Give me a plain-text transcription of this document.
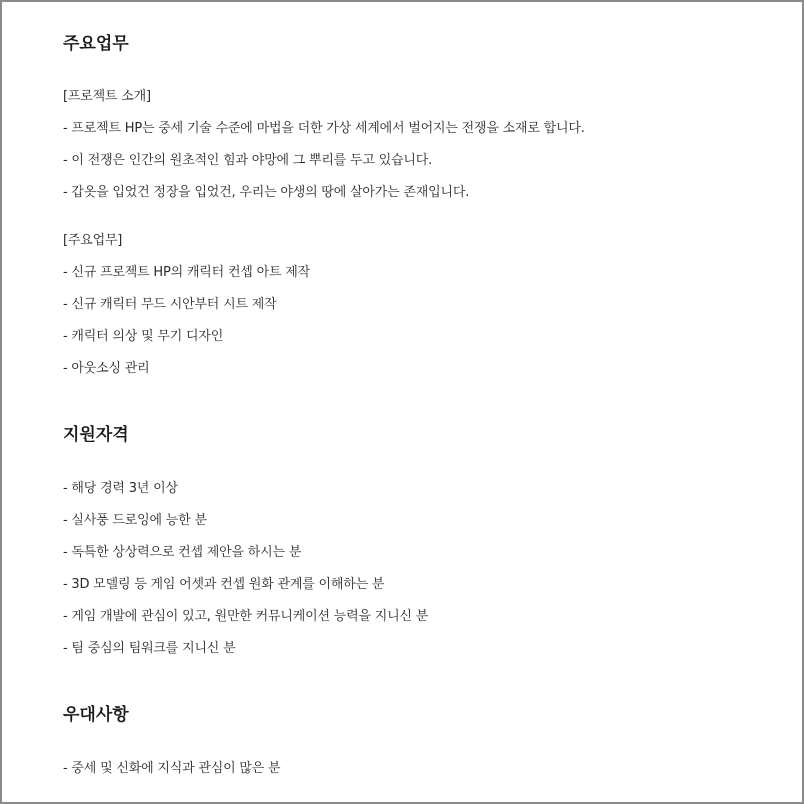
주요업무

[프로젝트 소개]

- 프로젝트 HP는 중세 기술 수준에 마법을 더한 가상 세계에서 벌어지는 전쟁을 소재로 합니다.

- 이 전쟁은 인간의 원초적인 힘과 야망에 그 뿌리를 두고 있습니다.

- 갑옷을 입었건 정장을 입었건, 우리는 야생의 땅에 살아가는 존재입니다.

[주요업무]

- 신규 프로젝트 HP의 캐릭터 컨셉 아트 제작

- 신규 캐릭터 무드 시안부터 시트 제작

- 캐릭터 의상 및 무기 디자인

- 아웃소싱 관리

지원자격

- 해당 경력 3년 이상

- 실사풍 드로잉에 능한 분

- 독특한 상상력으로 컨셉 제안을 하시는 분

- 3D 모델링 등 게임 어셋과 컨셉 원화 관계를 이해하는 분

- 게임 개발에 관심이 있고, 원만한 커뮤니케이션 능력을 지니신 분

- 팀 중심의 팀워크를 지니신 분

우대사항

- 중세 및 신화에 지식과 관심이 많은 분
